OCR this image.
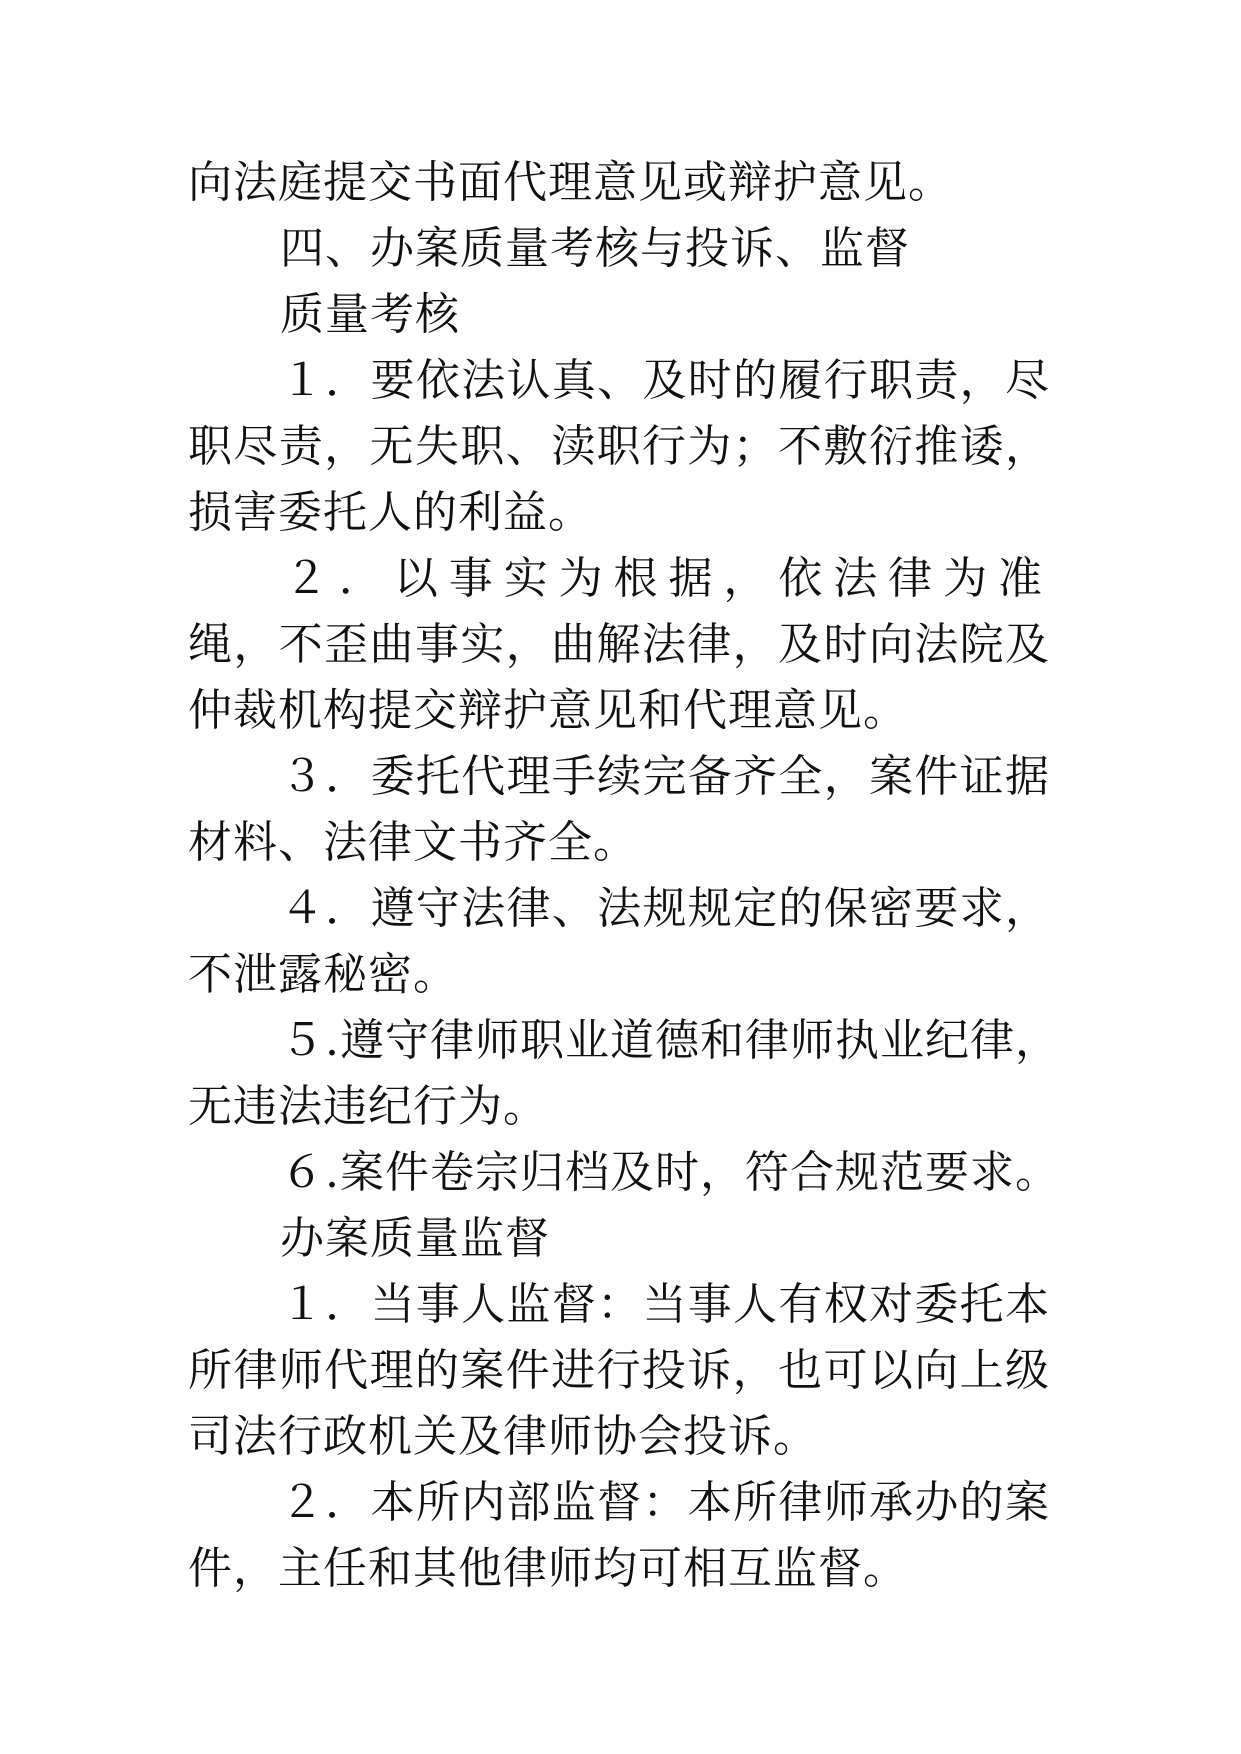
向法庭提交书面代理意见或辩护意见。
四、办案质量考核与投诉、监督
质量考核
１．要依法认真、及时的履行职责，尽
职尽责，无失职、渎职行为；不敷衍推诿，
损害委托人的利益。
２．以事实为根据，依法律为准
绳，不歪曲事实，曲解法律，及时向法院及
仲裁机构提交辩护意见和代理意见。
３．委托代理手续完备齐全，案件证据
材料、法律文书齐全。
４．遵守法律、法规规定的保密要求，
不泄露秘密。
５.遵守律师职业道德和律师执业纪律，
无违法违纪行为。
６.案件卷宗归档及时，符合规范要求。
办案质量监督
１．当事人监督：当事人有权对委托本
所律师代理的案件进行投诉，也可以向上级
司法行政机关及律师协会投诉。
２．本所内部监督：本所律师承办的案
件，主任和其他律师均可相互监督。
